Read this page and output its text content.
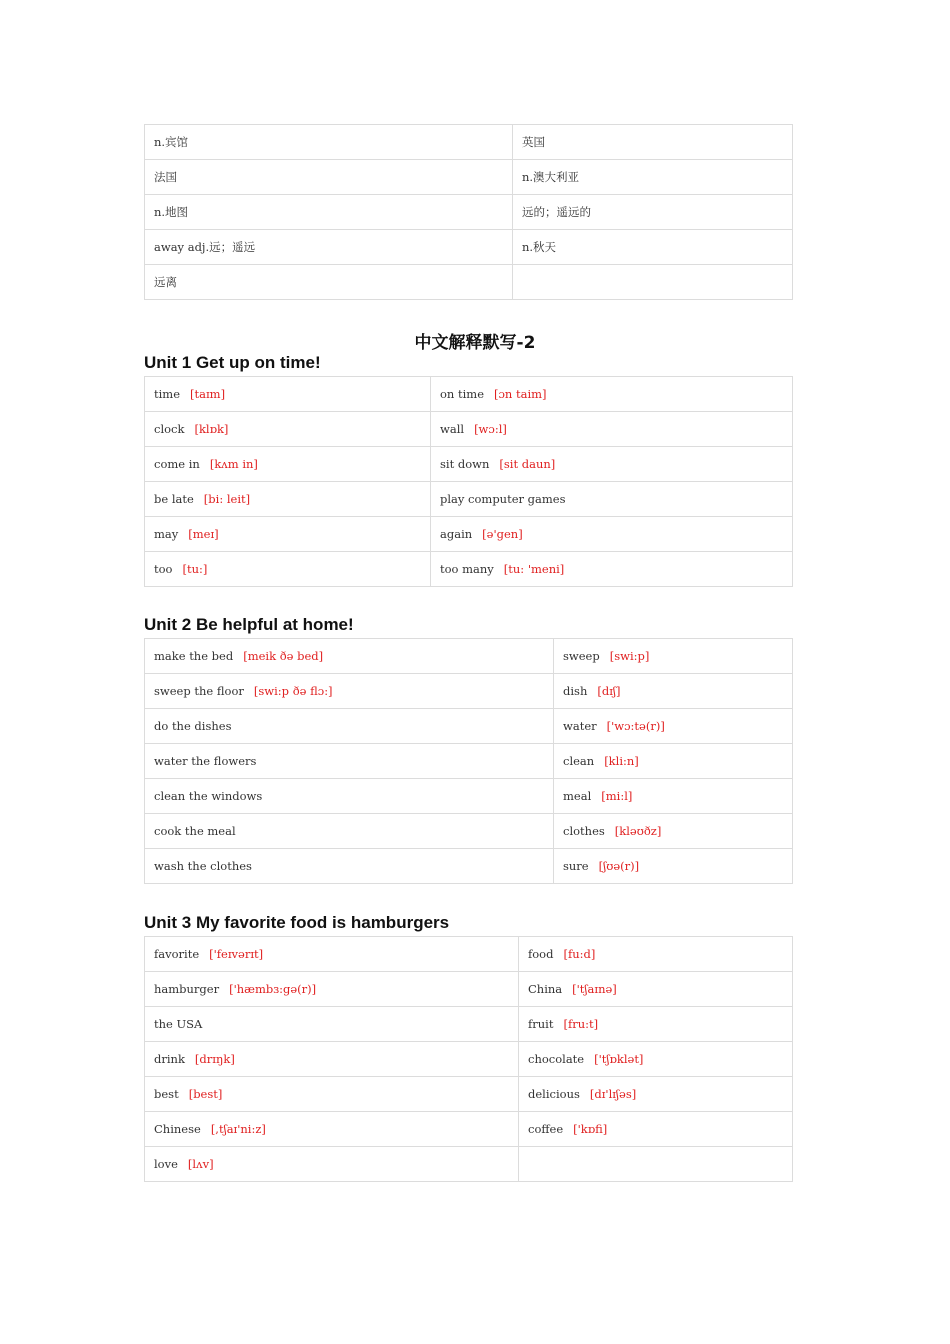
n.宾馆	英国
法国	n.澳大利亚
n.地图	远的；遥远的
away adj.远；遥远	n.秋天
远离	
中文解释默写-2
Unit 1 Get up on time!
time [taɪm]	on time [ɔn taim]
clock [klɒk]	wall [wɔ:l]
come in [kʌm in]	sit down [sit daun]
be late [bi: leit]	play computer games
may [meɪ]	again [ə'gen]
too [tu:]	too many [tu: 'meni]
Unit 2 Be helpful at home!
make the bed [meik ðə bed]	sweep [swi:p]
sweep the floor [swi:p ðə flɔ:]	dish [dɪʃ]
do the dishes	water ['wɔ:tə(r)]
water the flowers	clean [kli:n]
clean the windows	meal [mi:l]
cook the meal	clothes [kləʊðz]
wash the clothes	sure [ʃʊə(r)]
Unit 3 My favorite food is hamburgers
favorite ['feɪvərɪt]	food [fu:d]
hamburger ['hæmbɜ:gə(r)]	China ['tʃaɪnə]
the USA	fruit [fru:t]
drink [drɪŋk]	chocolate ['tʃɒklət]
best [best]	delicious [dɪ'lɪʃəs]
Chinese [,tʃaɪ'ni:z]	coffee ['kɒfi]
love [lʌv]	
